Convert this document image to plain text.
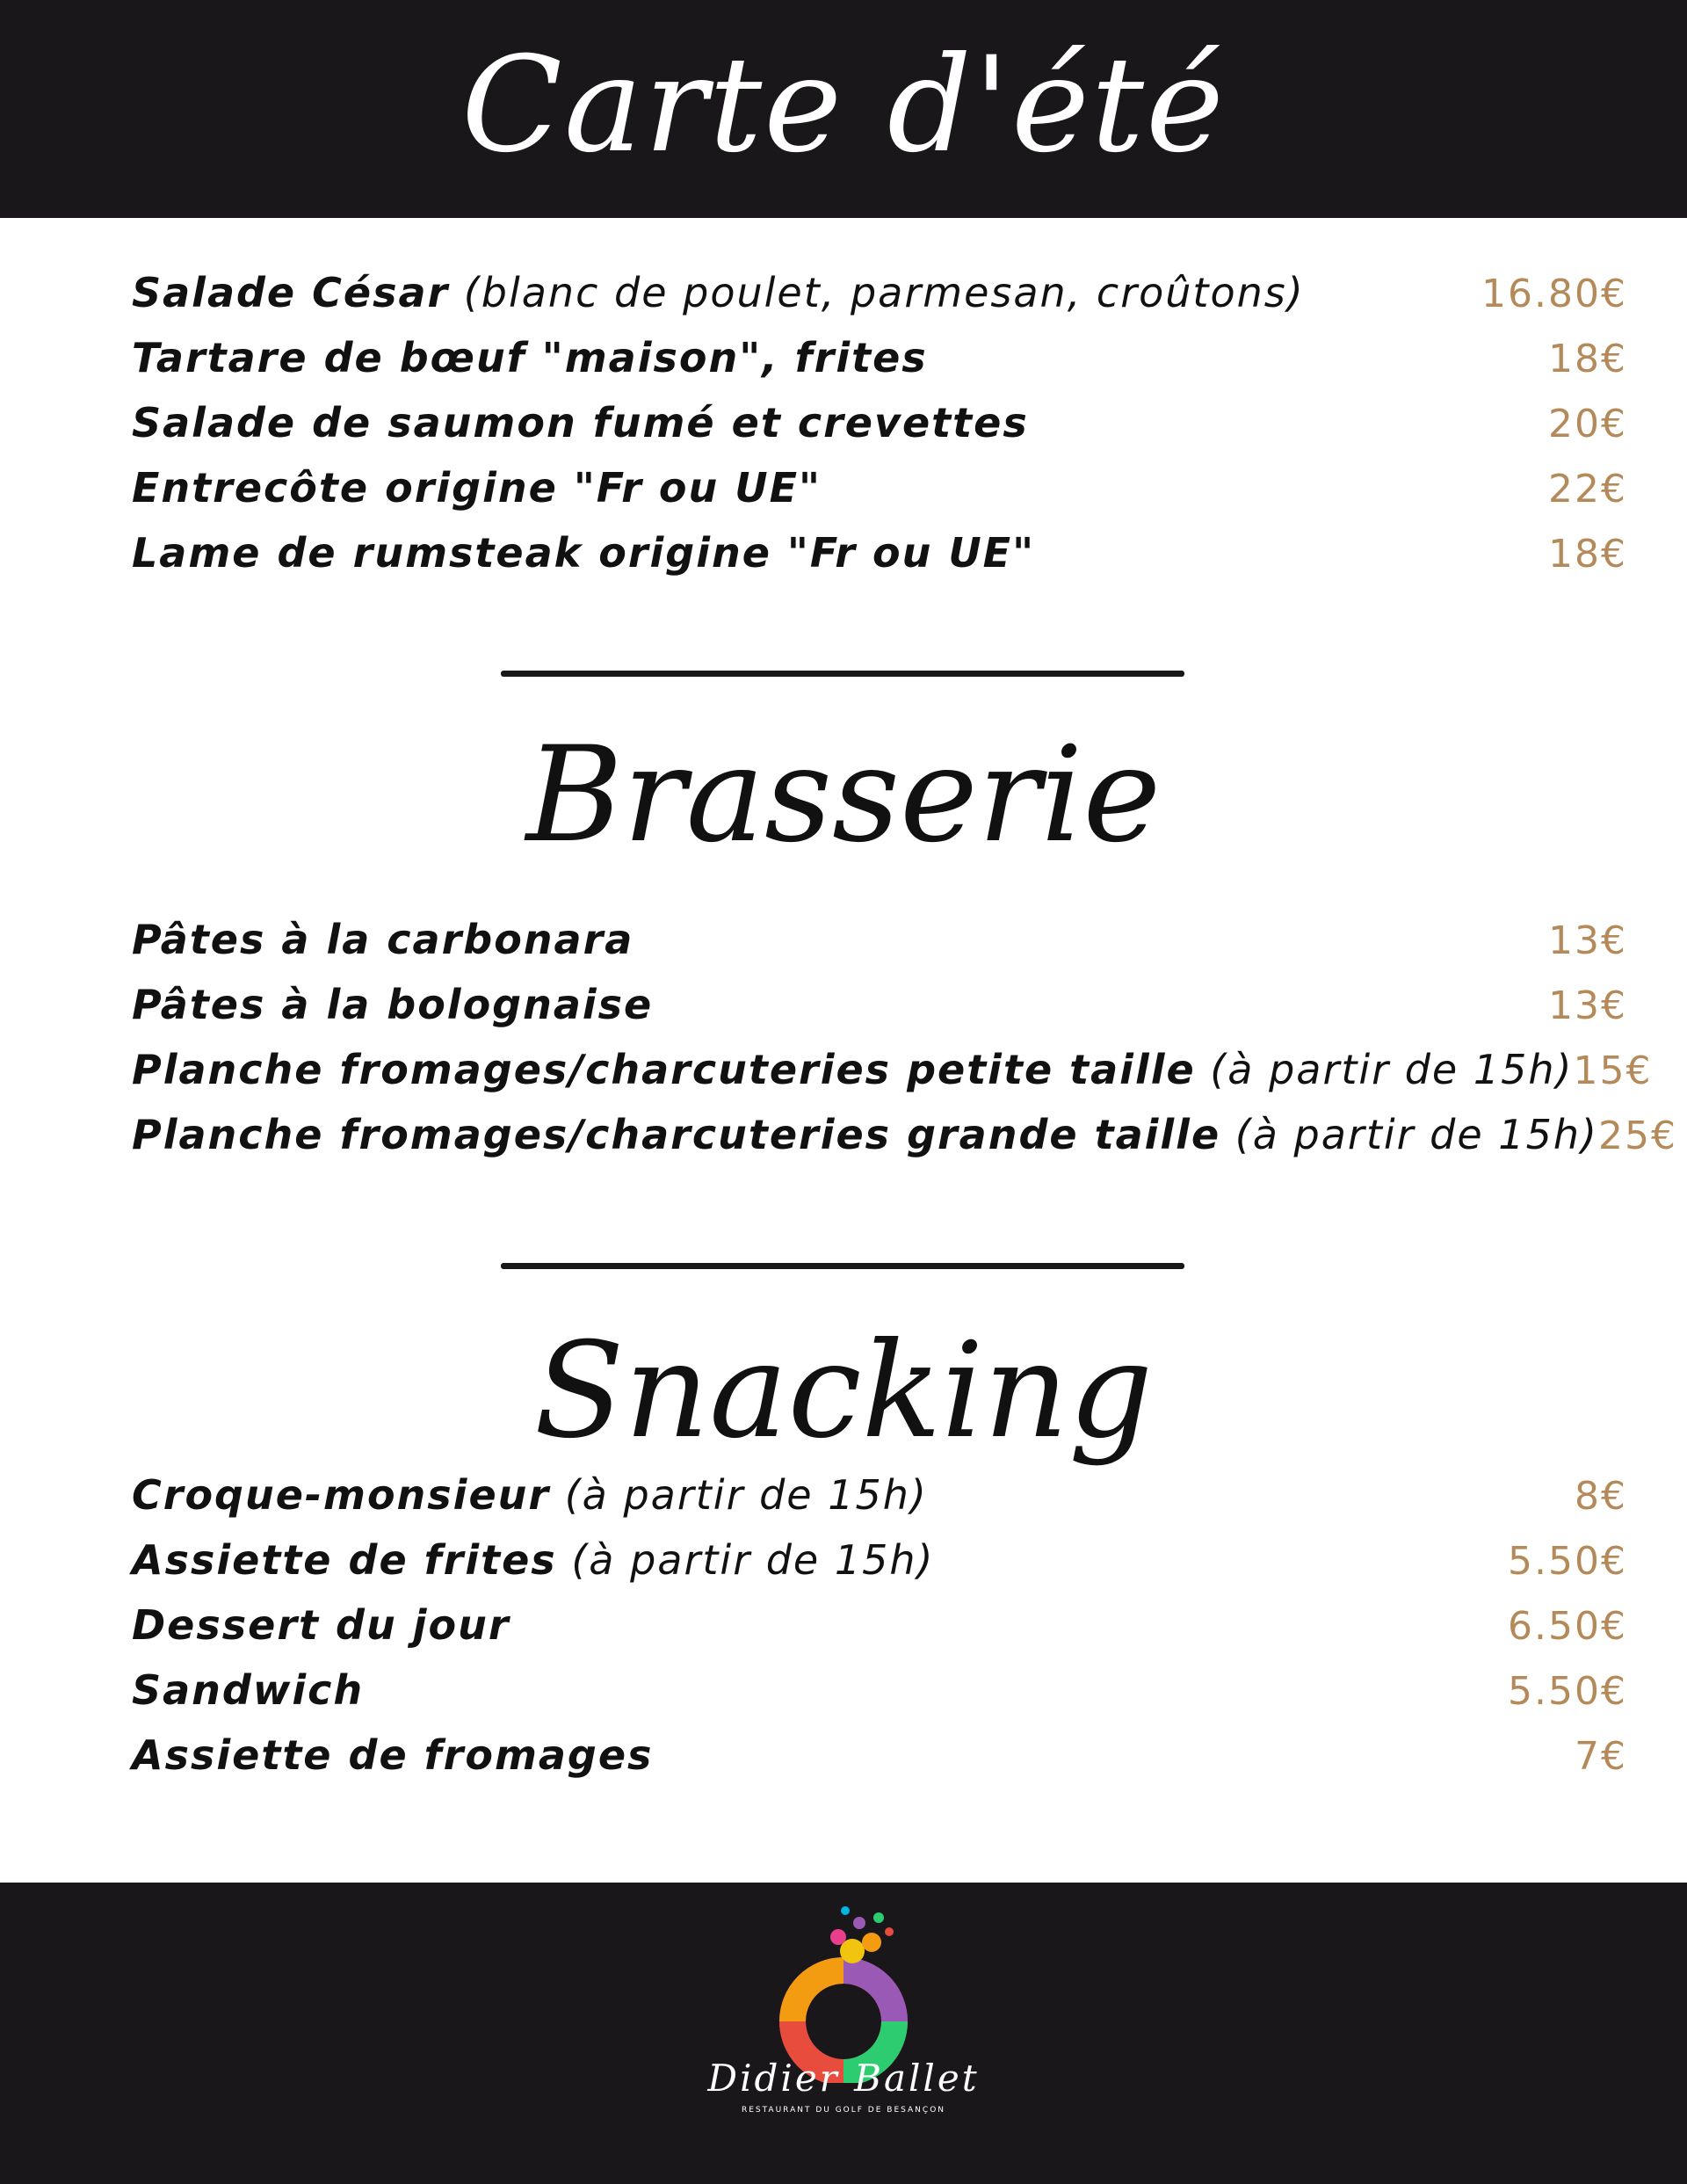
Carte d'été
Salade César (blanc de poulet, parmesan, croûtons)	16.80€
Tartare de bœuf "maison", frites	18€
Salade de saumon fumé et crevettes	20€
Entrecôte origine "Fr ou UE"	22€
Lame de rumsteak origine "Fr ou UE"	18€
Brasserie
Pâtes à la carbonara	13€
Pâtes à la bolognaise	13€
Planche fromages/charcuteries petite taille (à partir de 15h) 15€
Planche fromages/charcuteries grande taille (à partir de 15h) 25€
Snacking
Croque-monsieur (à partir de 15h)	8€
Assiette de frites (à partir de 15h)	5.50€
Dessert du jour	6.50€
Sandwich	5.50€
Assiette de fromages	7€
Didier Ballet
RESTAURANT DU GOLF DE BESANÇON
